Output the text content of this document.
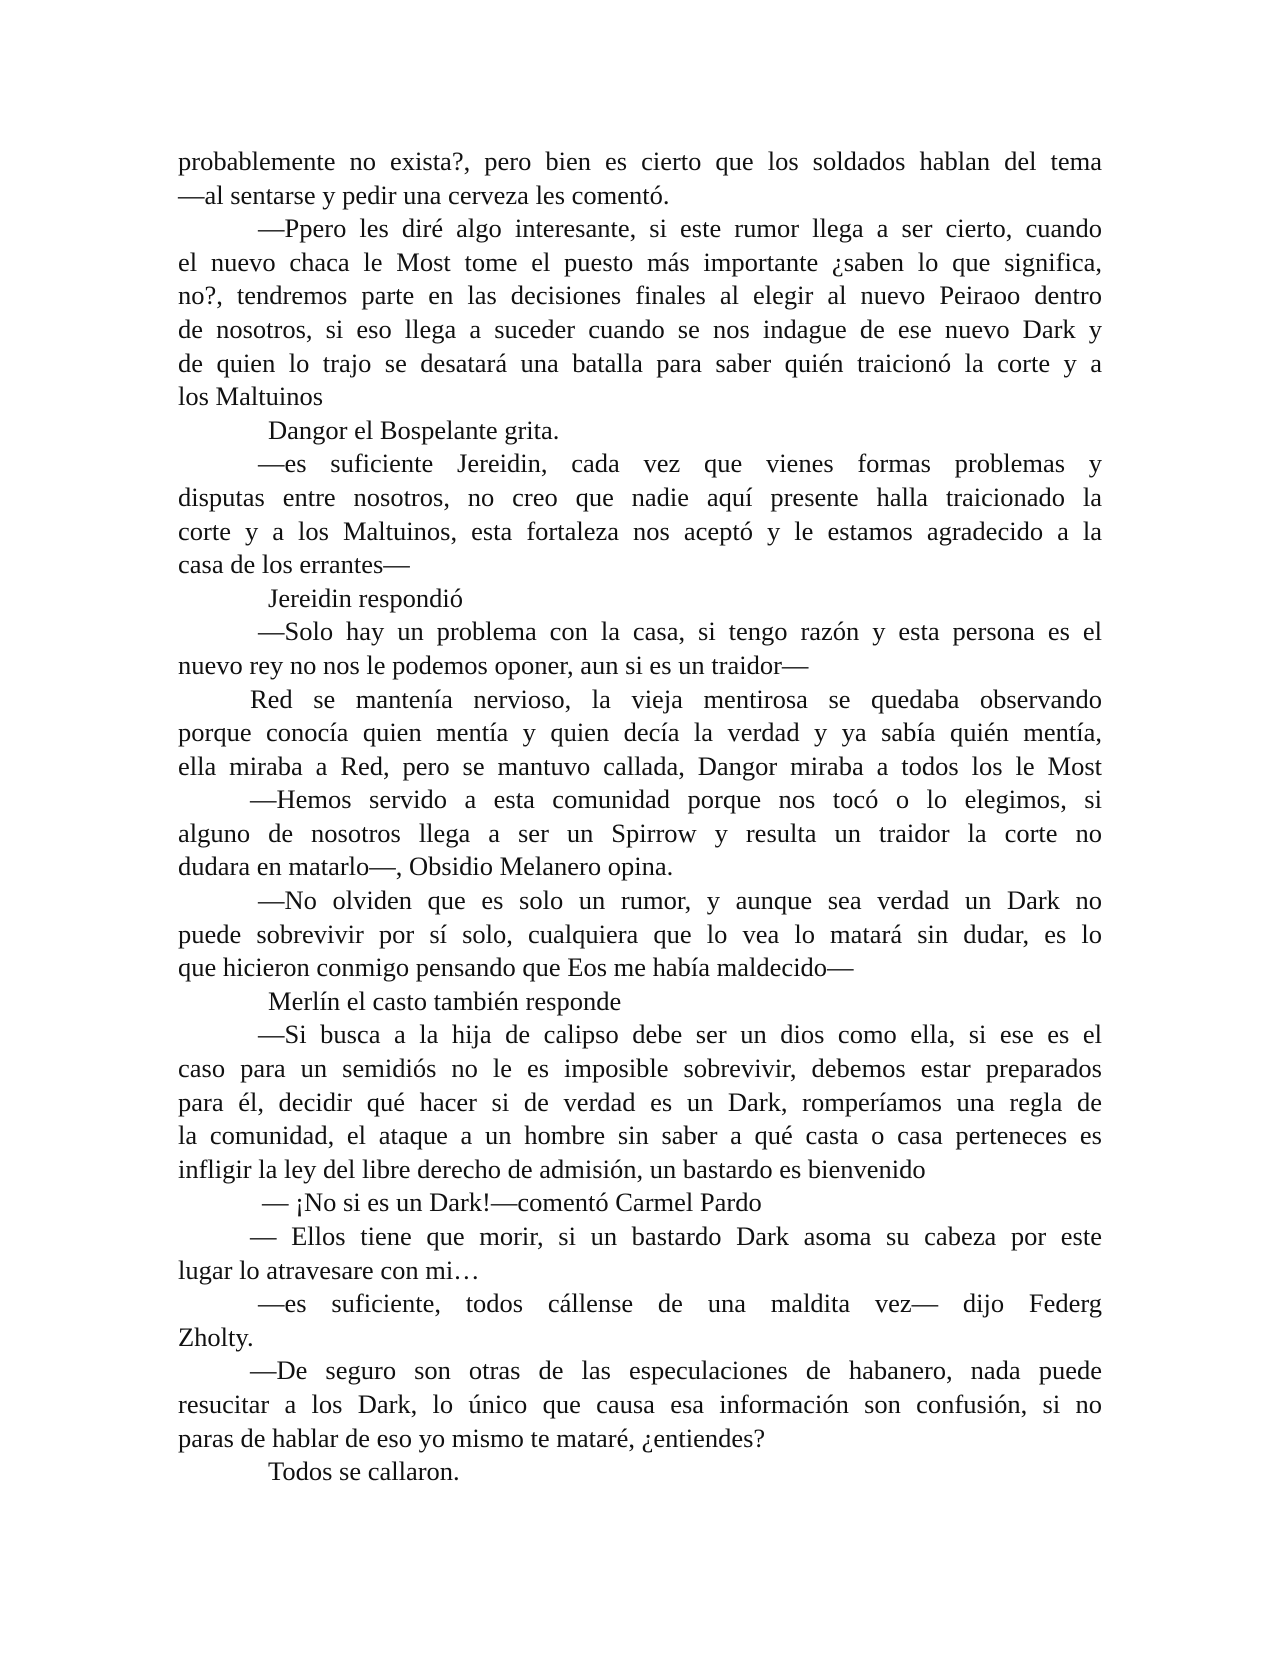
probablemente no exista?, pero bien es cierto que los soldados hablan del tema
—al sentarse y pedir una cerveza les comentó.
—Ppero les diré algo interesante, si este rumor llega a ser cierto, cuando
el nuevo chaca le Most tome el puesto más importante ¿saben lo que significa,
no?, tendremos parte en las decisiones finales al elegir al nuevo Peiraoo dentro
de nosotros, si eso llega a suceder cuando se nos indague de ese nuevo Dark y
de quien lo trajo se desatará una batalla para saber quién traicionó la corte y a
los Maltuinos
Dangor el Bospelante grita.
—es suficiente Jereidin, cada vez que vienes formas problemas y
disputas entre nosotros, no creo que nadie aquí presente halla traicionado la
corte y a los Maltuinos, esta fortaleza nos aceptó y le estamos agradecido a la
casa de los errantes—
Jereidin respondió
—Solo hay un problema con la casa, si tengo razón y esta persona es el
nuevo rey no nos le podemos oponer, aun si es un traidor—
Red se mantenía nervioso, la vieja mentirosa se quedaba observando
porque conocía quien mentía y quien decía la verdad y ya sabía quién mentía,
ella miraba a Red, pero se mantuvo callada, Dangor miraba a todos los le Most
—Hemos servido a esta comunidad porque nos tocó o lo elegimos, si
alguno de nosotros llega a ser un Spirrow y resulta un traidor la corte no
dudara en matarlo—, Obsidio Melanero opina.
—No olviden que es solo un rumor, y aunque sea verdad un Dark no
puede sobrevivir por sí solo, cualquiera que lo vea lo matará sin dudar, es lo
que hicieron conmigo pensando que Eos me había maldecido—
Merlín el casto también responde
—Si busca a la hija de calipso debe ser un dios como ella, si ese es el
caso para un semidiós no le es imposible sobrevivir, debemos estar preparados
para él, decidir qué hacer si de verdad es un Dark, romperíamos una regla de
la comunidad, el ataque a un hombre sin saber a qué casta o casa perteneces es
infligir la ley del libre derecho de admisión, un bastardo es bienvenido
— ¡No si es un Dark!—comentó Carmel Pardo
— Ellos tiene que morir, si un bastardo Dark asoma su cabeza por este
lugar lo atravesare con mi…
—es suficiente, todos cállense de una maldita vez— dijo Federg
Zholty.
—De seguro son otras de las especulaciones de habanero, nada puede
resucitar a los Dark, lo único que causa esa información son confusión, si no
paras de hablar de eso yo mismo te mataré, ¿entiendes?
Todos se callaron.
